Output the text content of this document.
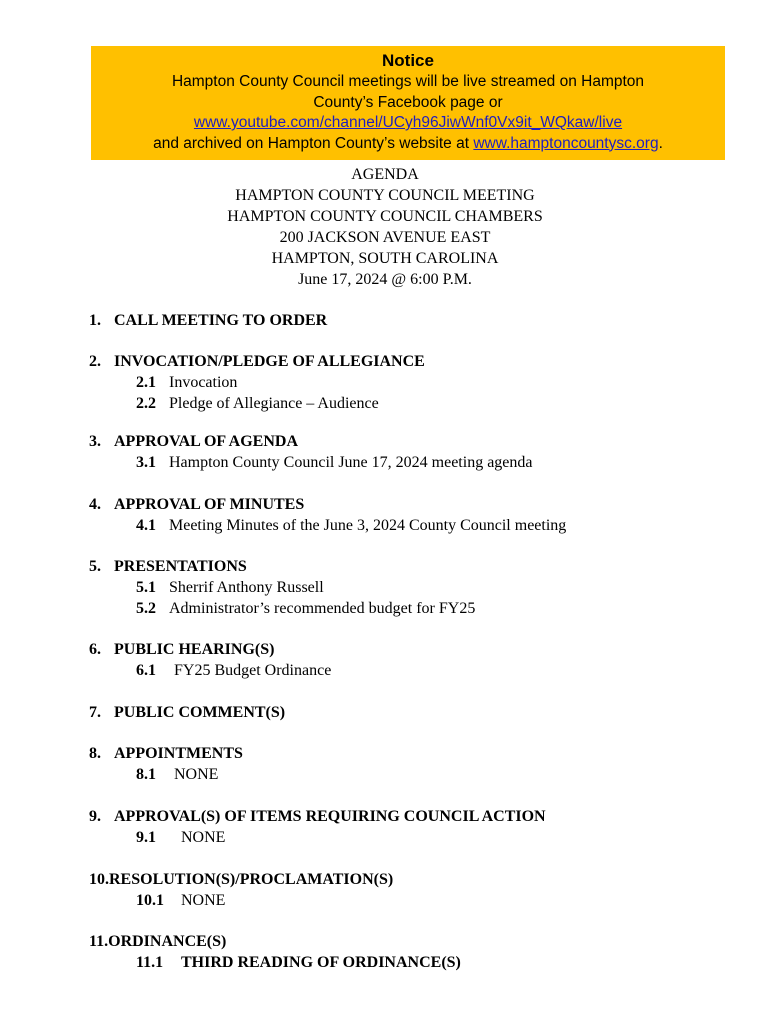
Notice
Hampton County Council meetings will be live streamed on Hampton
County’s Facebook page or
www.youtube.com/channel/UCyh96JiwWnf0Vx9it_WQkaw/live
and archived on Hampton County’s website at www.hamptoncountysc.org.
AGENDA
HAMPTON COUNTY COUNCIL MEETING
HAMPTON COUNTY COUNCIL CHAMBERS
200 JACKSON AVENUE EAST
HAMPTON, SOUTH CAROLINA
June 17, 2024 @ 6:00 P.M.
1. CALL MEETING TO ORDER
2. INVOCATION/PLEDGE OF ALLEGIANCE
2.1 Invocation
2.2 Pledge of Allegiance – Audience
3. APPROVAL OF AGENDA
3.1 Hampton County Council June 17, 2024 meeting agenda
4. APPROVAL OF MINUTES
4.1 Meeting Minutes of the June 3, 2024 County Council meeting
5. PRESENTATIONS
5.1 Sherrif Anthony Russell
5.2 Administrator’s recommended budget for FY25
6. PUBLIC HEARING(S)
6.1 FY25 Budget Ordinance
7. PUBLIC COMMENT(S)
8. APPOINTMENTS
8.1 NONE
9. APPROVAL(S) OF ITEMS REQUIRING COUNCIL ACTION
9.1 NONE
10.RESOLUTION(S)/PROCLAMATION(S)
10.1 NONE
11.ORDINANCE(S)
11.1 THIRD READING OF ORDINANCE(S)
